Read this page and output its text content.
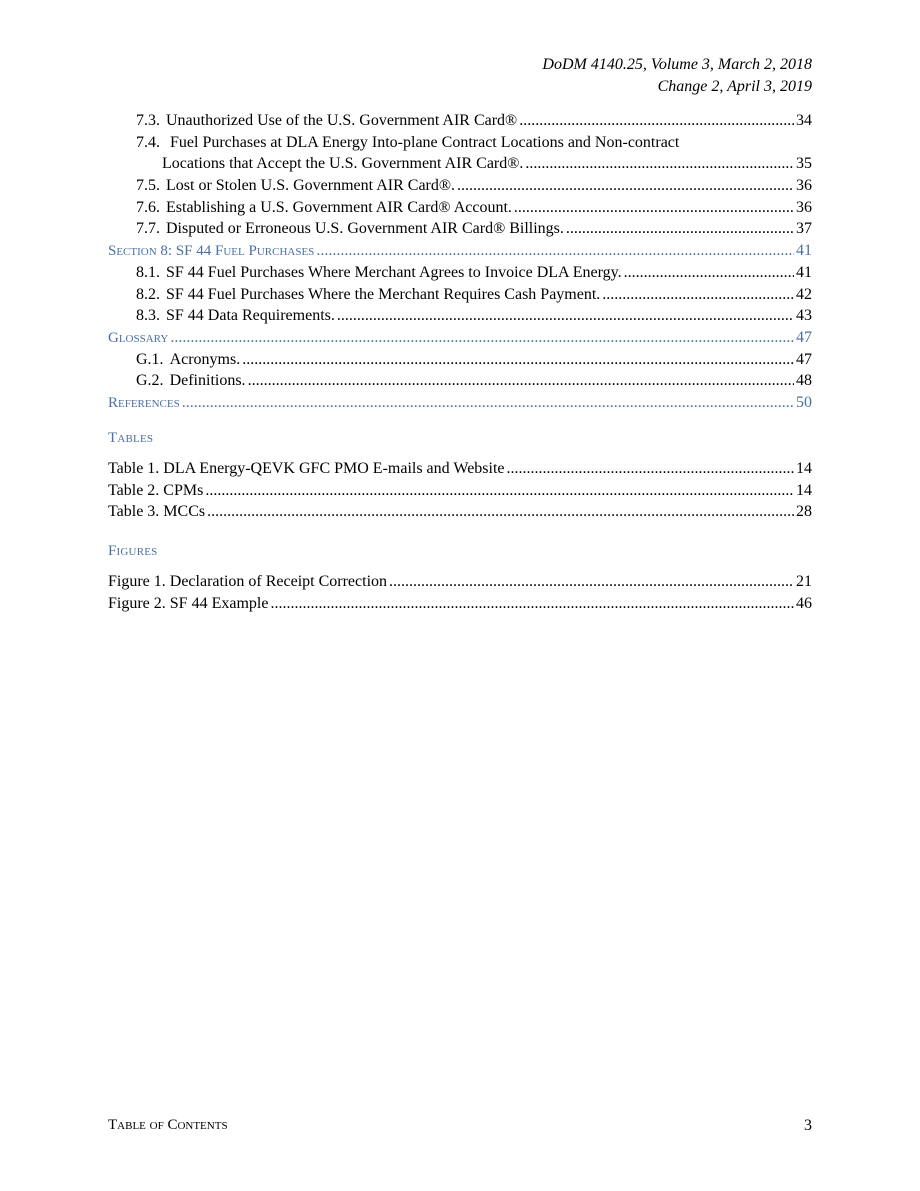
DoDM 4140.25, Volume 3, March 2, 2018
Change 2, April 3, 2019
7.3. Unauthorized Use of the U.S. Government AIR Card® .....	34
7.4. Fuel Purchases at DLA Energy Into-plane Contract Locations and Non-contract
Locations that Accept the U.S. Government AIR Card®. .....	35
7.5. Lost or Stolen U.S. Government AIR Card®. .....	36
7.6. Establishing a U.S. Government AIR Card® Account. .....	36
7.7. Disputed or Erroneous U.S. Government AIR Card® Billings. .....	37
Section 8: SF 44 Fuel Purchases .....	41
8.1. SF 44 Fuel Purchases Where Merchant Agrees to Invoice DLA Energy. .....	41
8.2. SF 44 Fuel Purchases Where the Merchant Requires Cash Payment. .....	42
8.3. SF 44 Data Requirements. .....	43
Glossary .....	47
G.1. Acronyms. .....	47
G.2. Definitions. .....	48
References .....	50
Tables
Table 1. DLA Energy-QEVK GFC PMO E-mails and Website .....	14
Table 2. CPMs .....	14
Table 3. MCCs .....	28
Figures
Figure 1. Declaration of Receipt Correction .....	21
Figure 2. SF 44 Example .....	46
Table of Contents	3
